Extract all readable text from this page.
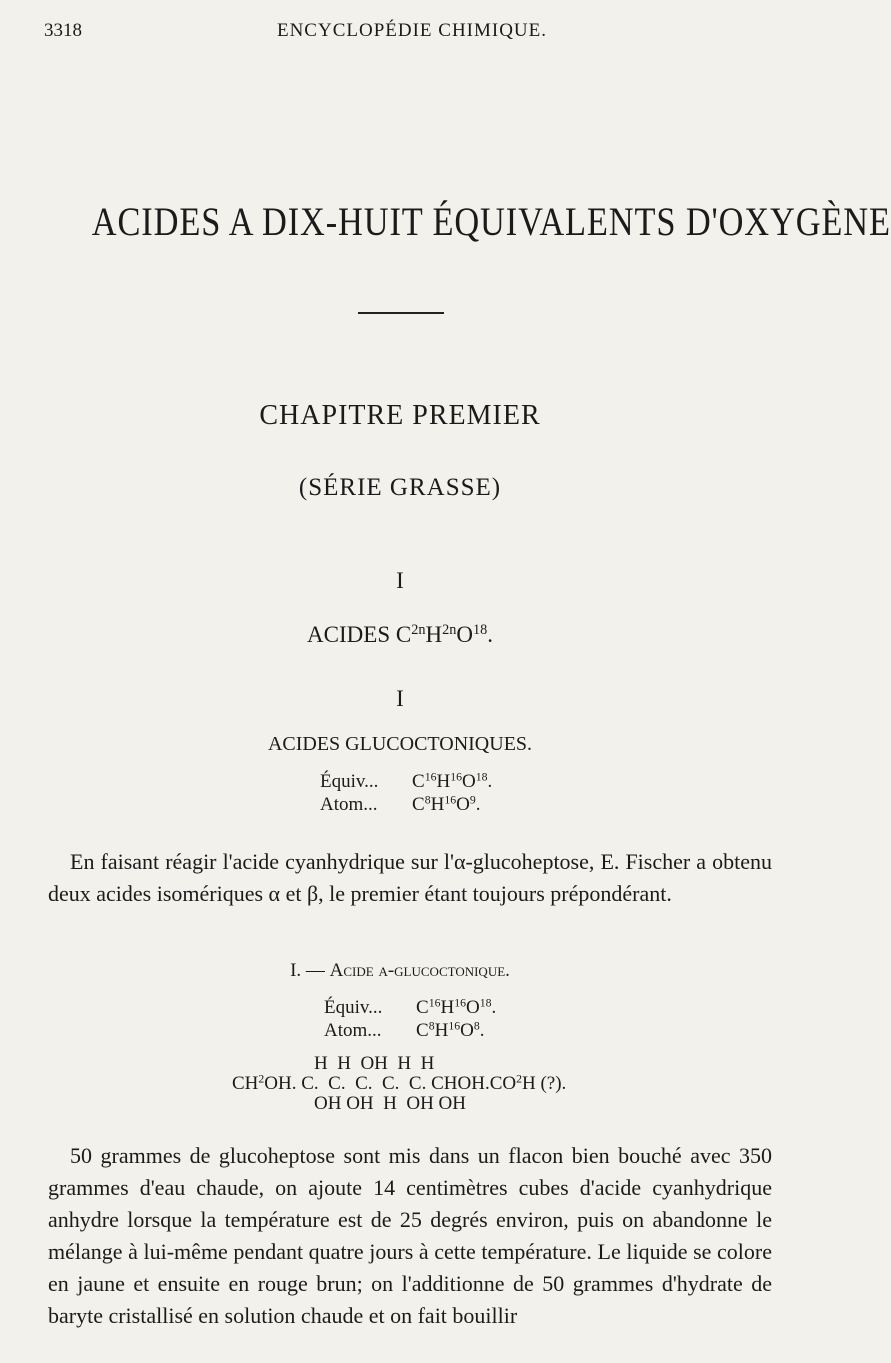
3318	ENCYCLOPÉDIE CHIMIQUE.
ACIDES A DIX-HUIT ÉQUIVALENTS D'OXYGÈNE
CHAPITRE PREMIER
(SÉRIE GRASSE)
I
ACIDES $C^{2n}H^{2n}O^{18}$.
I
ACIDES GLUCOCTONIQUES.
Équiv... $C^{16}H^{16}O^{18}$.
Atom... $C^8H^{16}O^9$.
En faisant réagir l'acide cyanhydrique sur l'α-glucoheptose, E. Fischer a obtenu deux acides isomériques α et β, le premier étant toujours prépondérant.
I. — Acide α-glucoctonique.
Équiv... $C^{16}H^{16}O^{18}$.
Atom... $C^8H^{16}O^8$.
H  H  OH  H  H
$CH^2OH$. C.  C.  C.  C.  C. $CHOH.CO^2H$ (?).
OH OH  H  OH OH
50 grammes de glucoheptose sont mis dans un flacon bien bouché avec 350 grammes d'eau chaude, on ajoute 14 centimètres cubes d'acide cyanhydrique anhydre lorsque la température est de 25 degrés environ, puis on abandonne le mélange à lui-même pendant quatre jours à cette température. Le liquide se colore en jaune et ensuite en rouge brun; on l'additionne de 50 grammes d'hydrate de baryte cristallisé en solution chaude et on fait bouillir
